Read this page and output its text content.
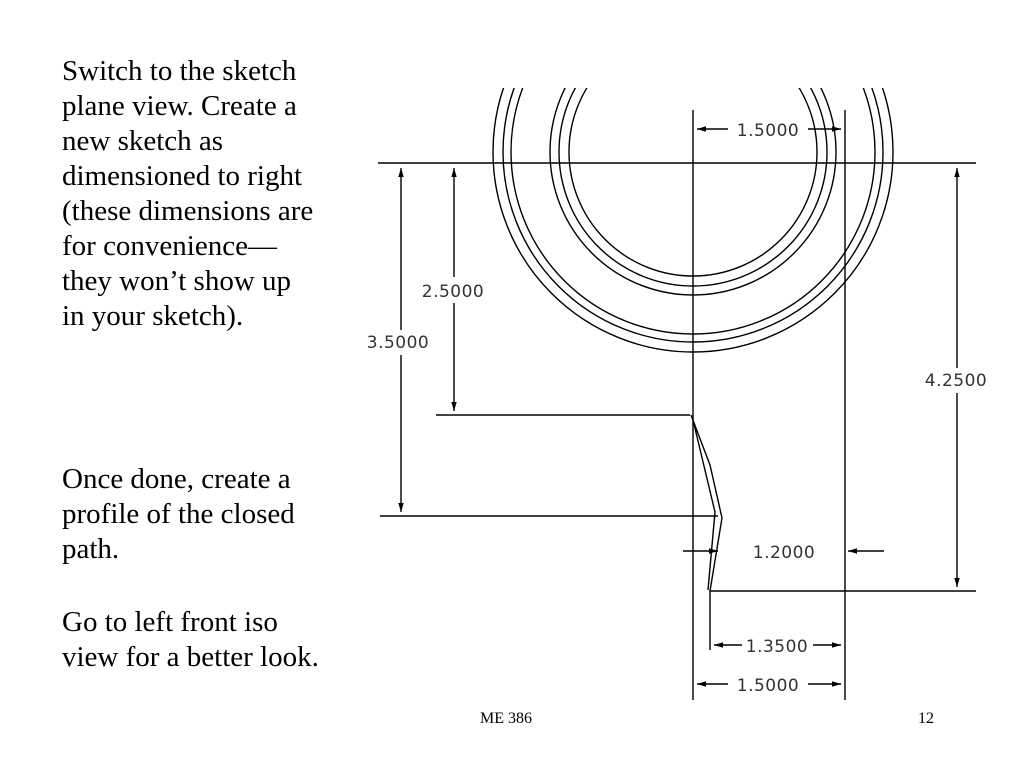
Switch to the sketch
plane view. Create a
new sketch as
dimensioned to right
(these dimensions are
for convenience—
they won’t show up
in your sketch).

Once done, create a
profile of the closed
path.

Go to left front iso
view for a better look.

1.5000
2.5000
3.5000
4.2500
1.2000
1.3500
1.5000
ME 386	12
